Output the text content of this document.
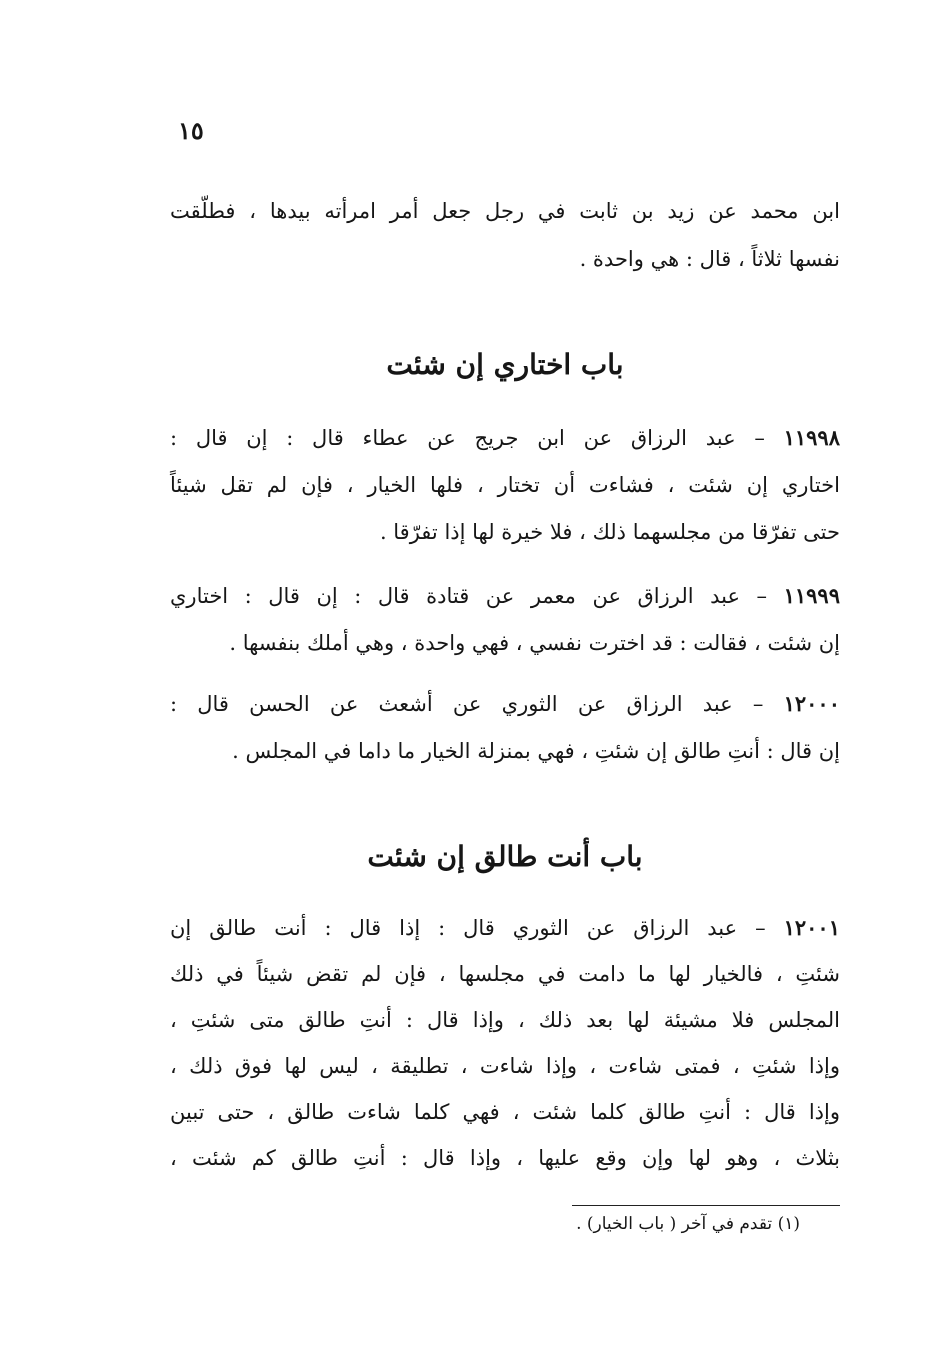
١٥
ابن محمد عن زيد بن ثابت في رجل جعل أمر امرأته بيدها ، فطلّقت
نفسها ثلاثاً ، قال : هي واحدة .
باب اختاري إن شئت
١١٩٩٨ – عبد الرزاق عن ابن جريج عن عطاء قال : إن قال :
اختاري إن شئت ، فشاءت أن تختار ، فلها الخيار ، فإن لم تقل شيئاً
حتى تفرّقا من مجلسهما ذلك ، فلا خيرة لها إذا تفرّقا .
١١٩٩٩ – عبد الرزاق عن معمر عن قتادة قال : إن قال : اختاري
إن شئت ، فقالت : قد اخترت نفسي ، فهي واحدة ، وهي أملك بنفسها .
١٢٠٠٠ – عبد الرزاق عن الثوري عن أشعث عن الحسن قال :
إن قال : أنتِ طالق إن شئتِ ، فهي بمنزلة الخيار ما داما في المجلس .
باب أنت طالق إن شئت
١٢٠٠١ – عبد الرزاق عن الثوري قال : إذا قال : أنت طالق إن
شئتِ ، فالخيار لها ما دامت في مجلسها ، فإن لم تقض شيئاً في ذلك
المجلس فلا مشيئة لها بعد ذلك ، وإذا قال : أنتِ طالق متى شئتِ ،
وإذا شئتِ ، فمتى شاءت ، وإذا شاءت ، تطليقة ، ليس لها فوق ذلك ،
وإذا قال : أنتِ طالق كلما شئت ، فهي كلما شاءت طالق ، حتى تبين
بثلاث ، وهو لها وإن وقع عليها ، وإذا قال : أنتِ طالق كم شئت ،
(١) تقدم في آخر ( باب الخيار) .
